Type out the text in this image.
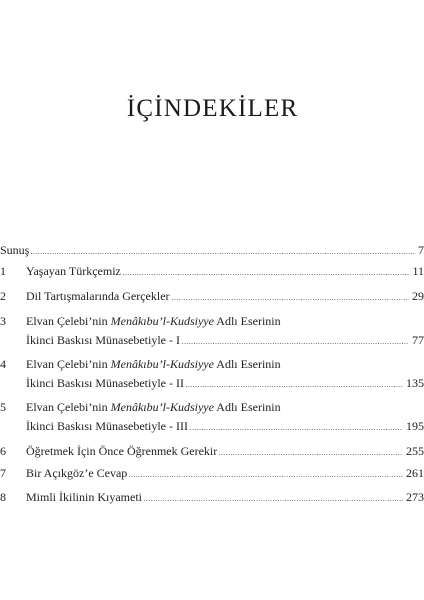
İÇİNDEKİLER
Sunuş	7
1	Yaşayan Türkçemiz	11
2	Dil Tartışmalarında Gerçekler	29
3	Elvan Çelebi’nin Menâkıbu’l-Kudsiyye Adlı Eserinin
İkinci Baskısı Münasebetiyle - I	77
4	Elvan Çelebi’nin Menâkıbu’l-Kudsiyye Adlı Eserinin
İkinci Baskısı Münasebetiyle - II	135
5	Elvan Çelebi’nin Menâkıbu’l-Kudsiyye Adlı Eserinin
İkinci Baskısı Münasebetiyle - III	195
6	Öğretmek İçin Önce Öğrenmek Gerekir	255
7	Bir Açıkgöz’e Cevap	261
8	Mimli İkilinin Kıyameti	273
